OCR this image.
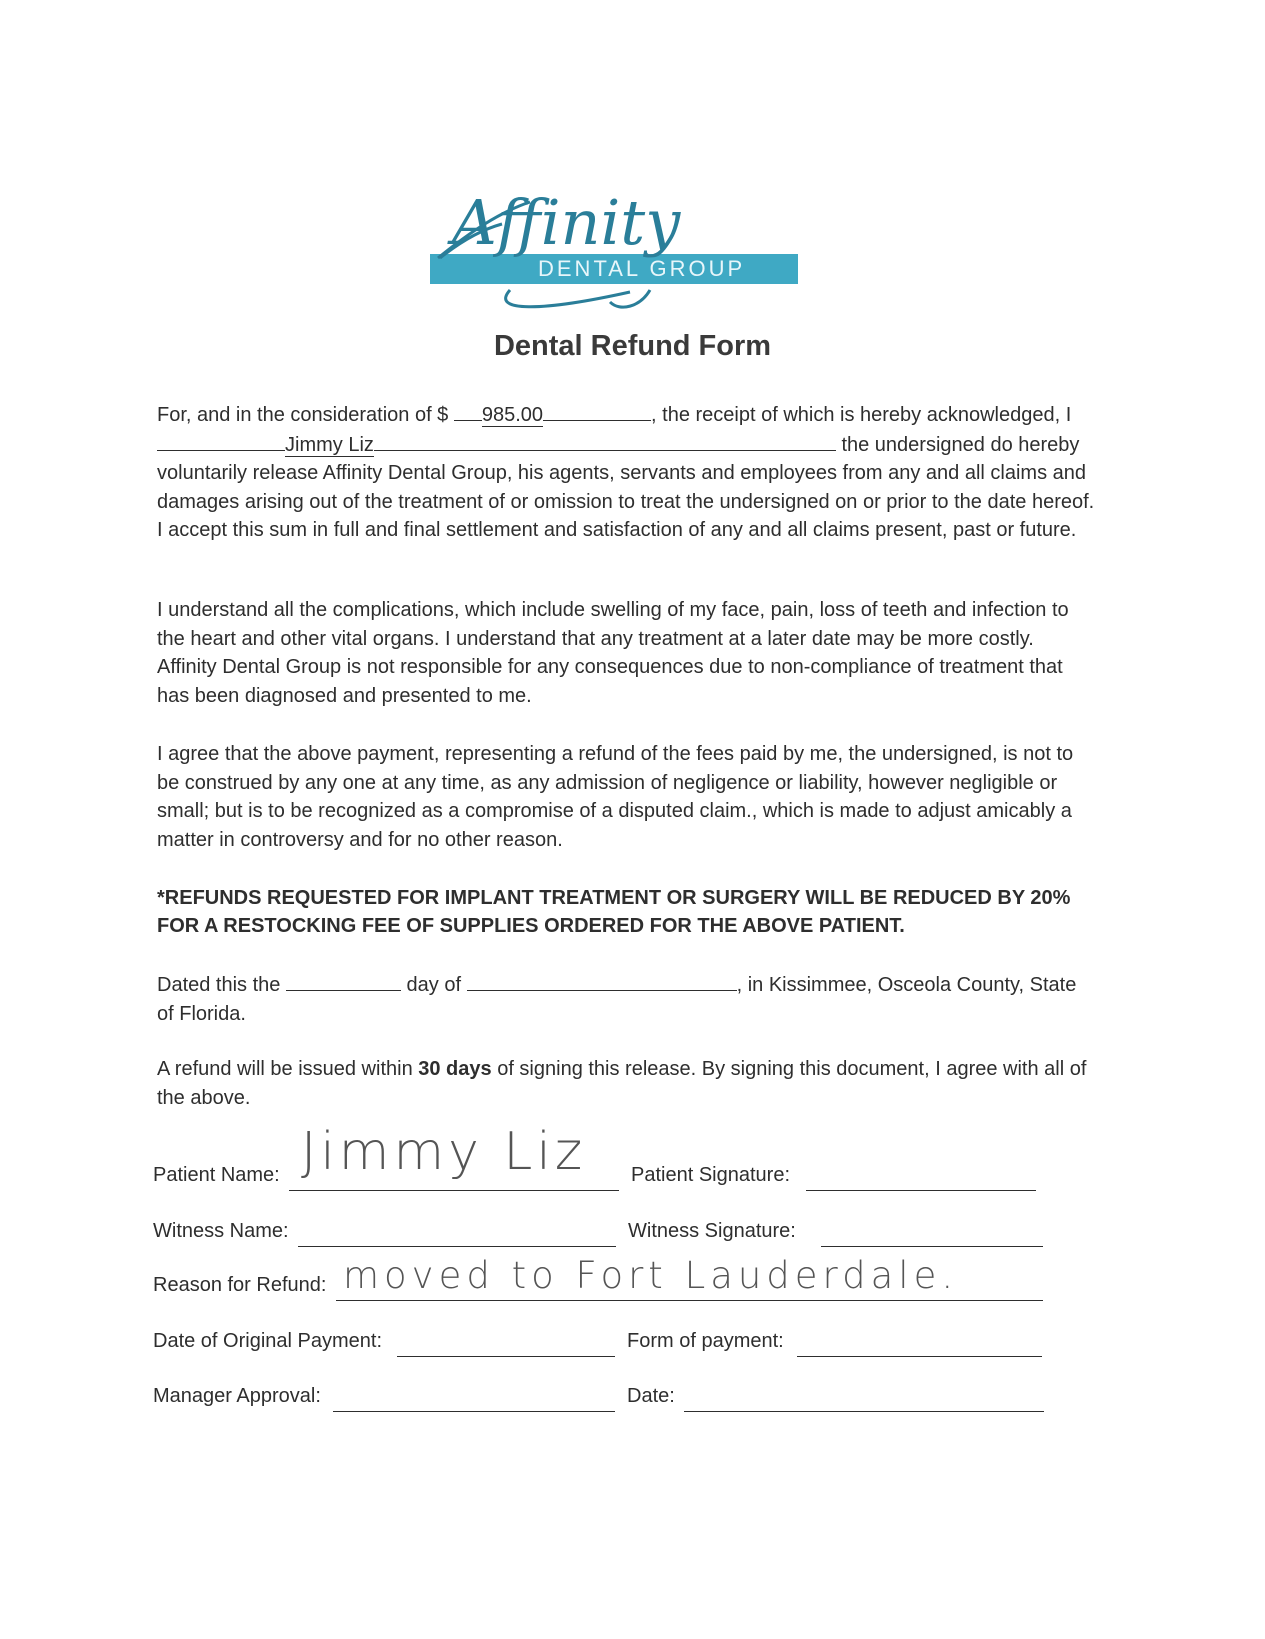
Affinity
DENTAL GROUP
Dental Refund Form

For, and in the consideration of $ 985.00	, the receipt of which is hereby acknowledged, I Jimmy Liz	the undersigned do hereby voluntarily release Affinity Dental Group, his agents, servants and employees from any and all claims and damages arising out of the treatment of or omission to treat the undersigned on or prior to the date hereof. I accept this sum in full and final settlement and satisfaction of any and all claims present, past or future.

I understand all the complications, which include swelling of my face, pain, loss of teeth and infection to the heart and other vital organs. I understand that any treatment at a later date may be more costly. Affinity Dental Group is not responsible for any consequences due to non-compliance of treatment that has been diagnosed and presented to me.

I agree that the above payment, representing a refund of the fees paid by me, the undersigned, is not to be construed by any one at any time, as any admission of negligence or liability, however negligible or small; but is to be recognized as a compromise of a disputed claim., which is made to adjust amicably a matter in controversy and for no other reason.

*REFUNDS REQUESTED FOR IMPLANT TREATMENT OR SURGERY WILL BE REDUCED BY 20% FOR A RESTOCKING FEE OF SUPPLIES ORDERED FOR THE ABOVE PATIENT.

Dated this the	day of	, in Kissimmee, Osceola County, State of Florida.

A refund will be issued within 30 days of signing this release. By signing this document, I agree with all of the above.

Patient Name: Jimmy Liz Patient Signature:
Witness Name:	Witness Signature:
Reason for Refund: moved to Fort Lauderdale.
Date of Original Payment:	Form of payment:
Manager Approval:	Date:
